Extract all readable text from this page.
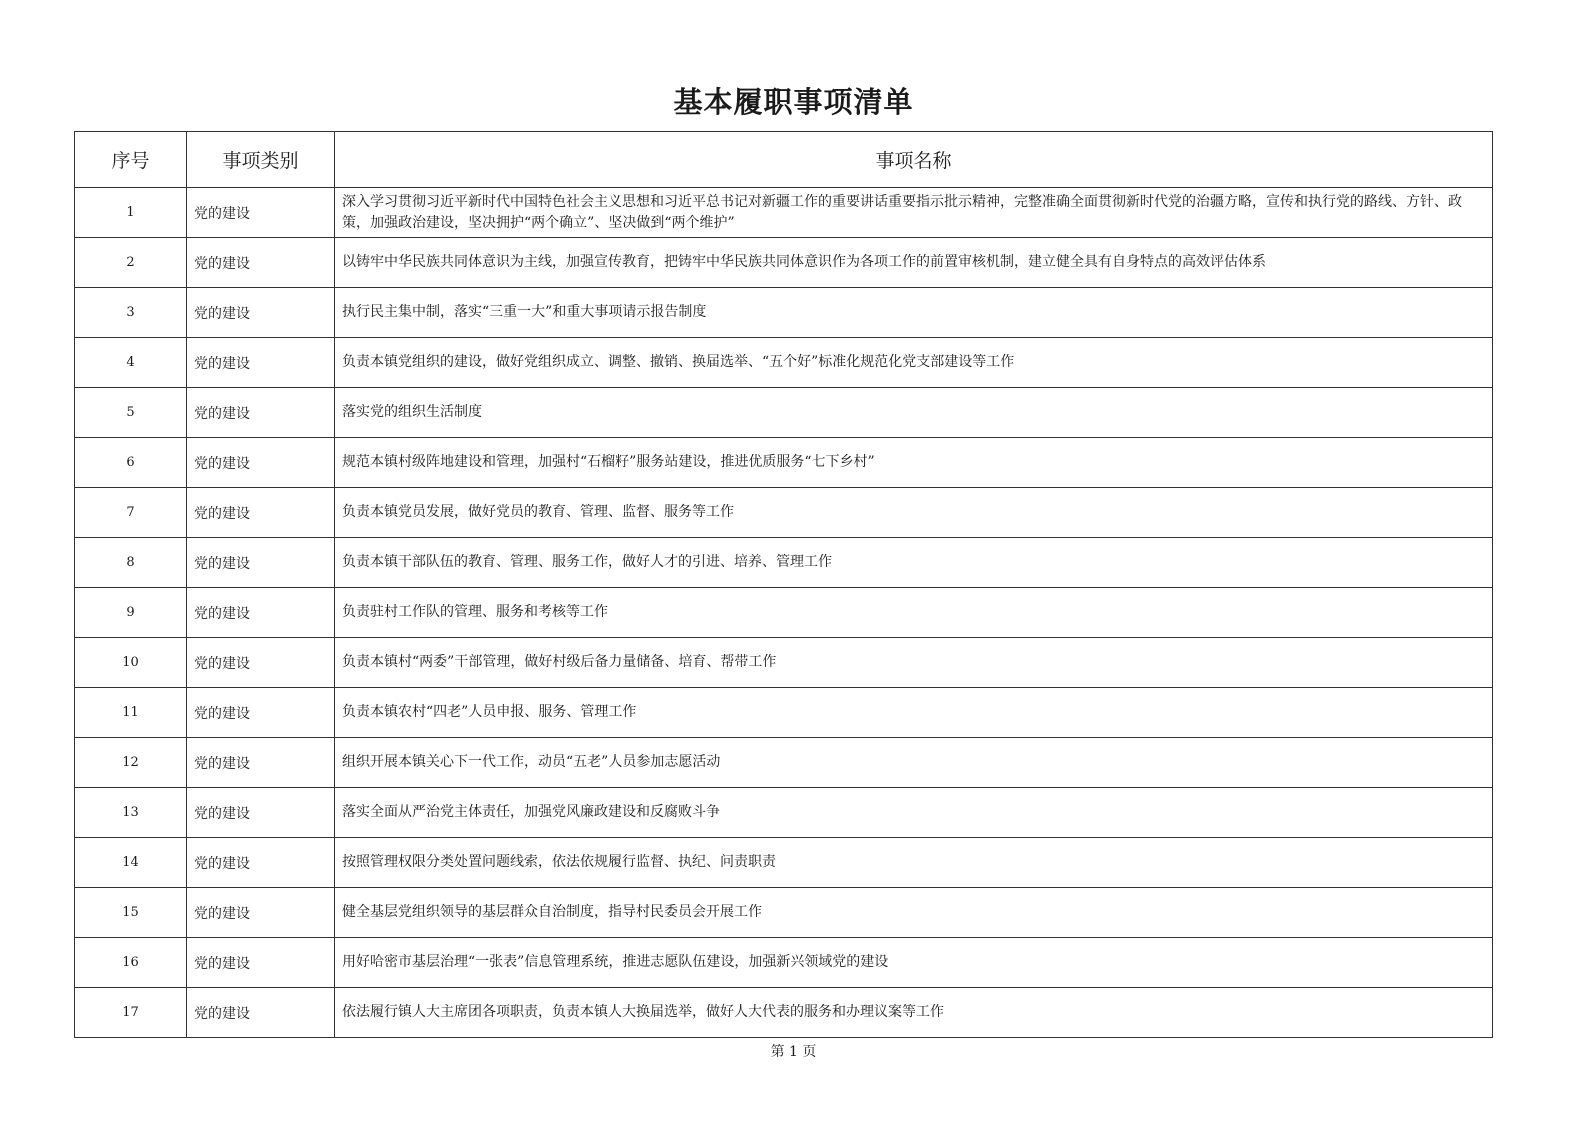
基本履职事项清单
序号	事项类别	事项名称
1	党的建设	深入学习贯彻习近平新时代中国特色社会主义思想和习近平总书记对新疆工作的重要讲话重要指示批示精神，完整准确全面贯彻新时代党的治疆方略，宣传和执行党的路线、方针、政策，加强政治建设，坚决拥护“两个确立”、坚决做到“两个维护”
2	党的建设	以铸牢中华民族共同体意识为主线，加强宣传教育，把铸牢中华民族共同体意识作为各项工作的前置审核机制，建立健全具有自身特点的高效评估体系
3	党的建设	执行民主集中制，落实“三重一大”和重大事项请示报告制度
4	党的建设	负责本镇党组织的建设，做好党组织成立、调整、撤销、换届选举、“五个好”标准化规范化党支部建设等工作
5	党的建设	落实党的组织生活制度
6	党的建设	规范本镇村级阵地建设和管理，加强村“石榴籽”服务站建设，推进优质服务“七下乡村”
7	党的建设	负责本镇党员发展，做好党员的教育、管理、监督、服务等工作
8	党的建设	负责本镇干部队伍的教育、管理、服务工作，做好人才的引进、培养、管理工作
9	党的建设	负责驻村工作队的管理、服务和考核等工作
10	党的建设	负责本镇村“两委”干部管理，做好村级后备力量储备、培育、帮带工作
11	党的建设	负责本镇农村“四老”人员申报、服务、管理工作
12	党的建设	组织开展本镇关心下一代工作，动员“五老”人员参加志愿活动
13	党的建设	落实全面从严治党主体责任，加强党风廉政建设和反腐败斗争
14	党的建设	按照管理权限分类处置问题线索，依法依规履行监督、执纪、问责职责
15	党的建设	健全基层党组织领导的基层群众自治制度，指导村民委员会开展工作
16	党的建设	用好哈密市基层治理“一张表”信息管理系统，推进志愿队伍建设，加强新兴领域党的建设
17	党的建设	依法履行镇人大主席团各项职责，负责本镇人大换届选举，做好人大代表的服务和办理议案等工作
第 1 页
